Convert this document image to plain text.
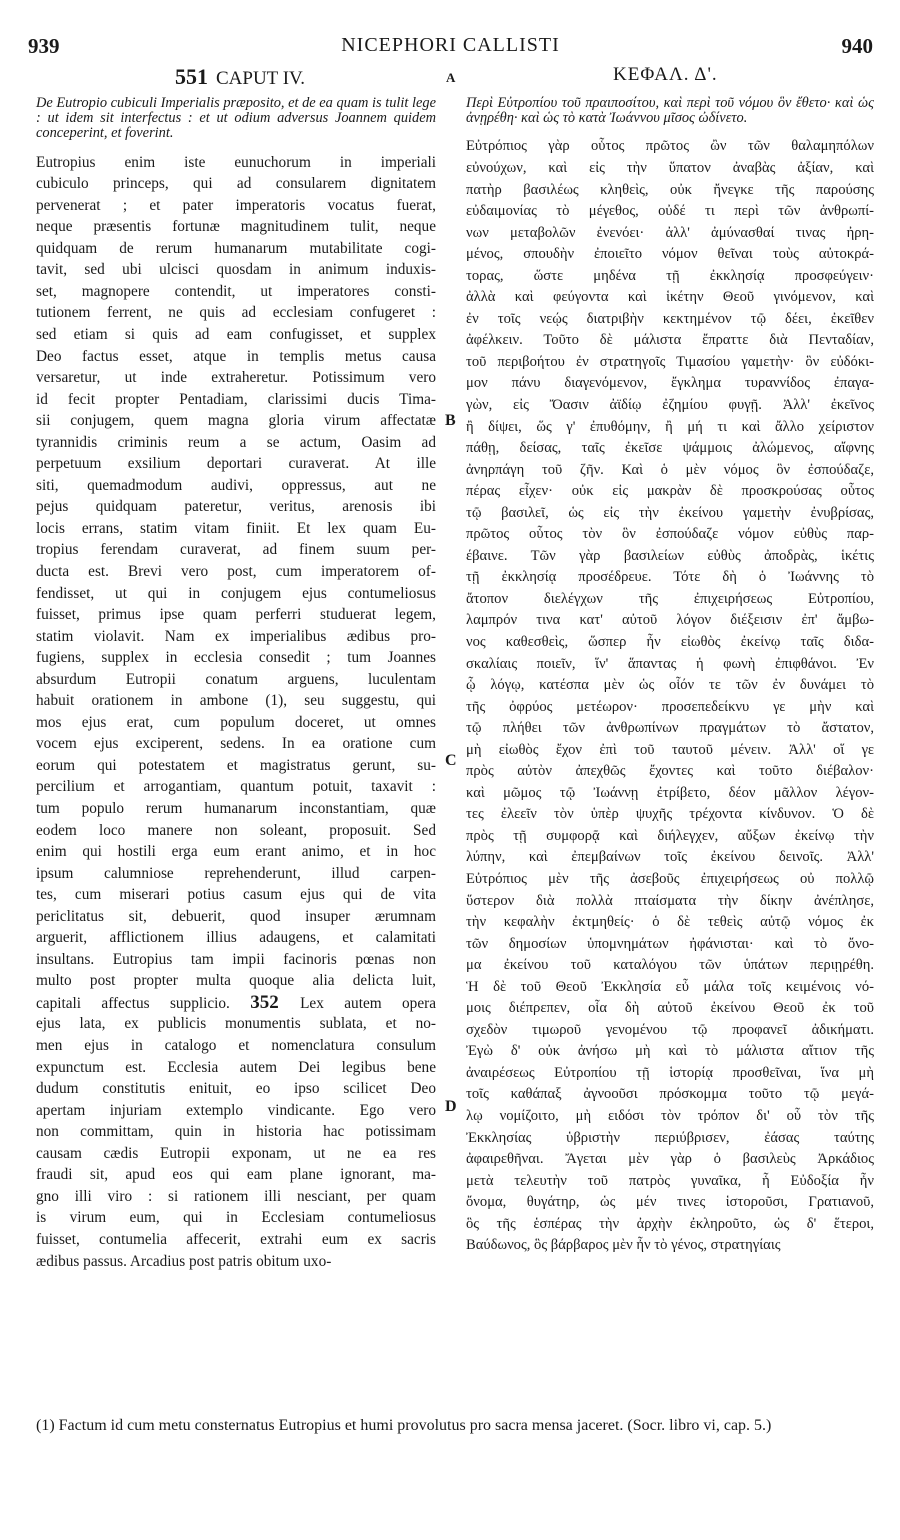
939	NICEPHORI CALLISTI	940
551 CAPUT IV.	A	ΚΕΦΑΛ. Δ'.

De Eutropio cubiculi Imperialis præposito, et de ea quam is tulit lege : ut idem sit interfectus : et ut odium adversus Joannem quidem conceperint, et foverint.

Eutropius enim iste eunuchorum in imperiali
cubiculo princeps, qui ad consularem dignitatem
pervenerat ; et pater imperatoris vocatus fuerat,
neque præsentis fortunæ magnitudinem tulit, neque
quidquam de rerum humanarum mutabilitate cogi-
tavit, sed ubi ulcisci quosdam in animum induxis-
set, magnopere contendit, ut imperatores consti-
tutionem ferrent, ne quis ad ecclesiam confugeret :
sed etiam si quis ad eam confugisset, et supplex
Deo factus esset, atque in templis metus causa
versaretur, ut inde extraheretur. Potissimum vero
id fecit propter Pentadiam, clarissimi ducis Tima-
sii conjugem, quem magna gloria virum affectatæ
tyrannidis criminis reum a se actum, Oasim ad
perpetuum exsilium deportari curaverat. At ille
siti, quemadmodum audivi, oppressus, aut ne
pejus quidquam pateretur, veritus, arenosis ibi
locis errans, statim vitam finiit. Et lex quam Eu-
tropius ferendam curaverat, ad finem suum per-
ducta est. Brevi vero post, cum imperatorem of-
fendisset, ut qui in conjugem ejus contumeliosus
fuisset, primus ipse quam perferri studuerat legem,
statim violavit. Nam ex imperialibus ædibus pro-
fugiens, supplex in ecclesia consedit ; tum Joannes
absurdum Eutropii conatum arguens, luculentam
habuit orationem in ambone (1), seu suggestu, qui
mos ejus erat, cum populum doceret, ut omnes
vocem ejus exciperent, sedens. In ea oratione cum
eorum qui potestatem et magistratus gerunt, su-
percilium et arrogantiam, quantum potuit, taxavit :
tum populo rerum humanarum inconstantiam, quæ
eodem loco manere non soleant, proposuit. Sed
enim qui hostili erga eum erant animo, et in hoc
ipsum calumniose reprehenderunt, illud carpen-
tes, cum miserari potius casum ejus qui de vita
periclitatus sit, debuerit, quod insuper ærumnam
arguerit, afflictionem illius adaugens, et calamitati
insultans. Eutropius tam impii facinoris pœnas non
multo post propter multa quoque alia delicta luit,
capitali affectus supplicio. 352 Lex autem opera
ejus lata, ex publicis monumentis sublata, et no-
men ejus in catalogo et nomenclatura consulum
expunctum est. Ecclesia autem Dei legibus bene
dudum constitutis enituit, eo ipso scilicet Deo
apertam injuriam extemplo vindicante. Ego vero
non committam, quin in historia hac potissimam
causam cædis Eutropii exponam, ut ne ea res
fraudi sit, apud eos qui eam plane ignorant, ma-
gno illi viro : si rationem illi nesciant, per quam
is virum eum, qui in Ecclesiam contumeliosus
fuisset, contumelia affecerit, extrahi eum ex sacris
ædibus passus. Arcadius post patris obitum uxo-

Περὶ Εὐτροπίου τοῦ πραιποσίτου, καὶ περὶ τοῦ νόμου ὃν ἔθετο· καὶ ὡς ἀνῃρέθη· καὶ ὡς τὸ κατὰ Ἰωάννου μῖσος ὠδίνετο.

Εὐτρόπιος γὰρ οὗτος πρῶτος ὢν τῶν θαλαμηπόλων
εὐνούχων, καὶ εἰς τὴν ὕπατον ἀναβὰς ἀξίαν, καὶ
πατὴρ βασιλέως κληθεὶς, οὐκ ἤνεγκε τῆς παρούσης
εὐδαιμονίας τὸ μέγεθος, οὐδέ τι περὶ τῶν ἀνθρωπί-
νων μεταβολῶν ἐνενόει· ἀλλ' ἀμύνασθαί τινας ἠρη-
μένος, σπουδὴν ἐποιεῖτο νόμον θεῖναι τοὺς αὐτοκρά-
τορας, ὥστε μηδένα τῇ ἐκκλησίᾳ προσφεύγειν·
ἀλλὰ καὶ φεύγοντα καὶ ἱκέτην Θεοῦ γινόμενον, καὶ
ἐν τοῖς νεῴς διατριβὴν κεκτημένον τῷ δέει, ἐκεῖθεν
ἀφέλκειν. Τοῦτο δὲ μάλιστα ἔπραττε διὰ Πενταδίαν,
τοῦ περιβοήτου ἐν στρατηγοῖς Τιμασίου γαμετὴν· ὃν εὐδόκι-
μον πάνυ διαγενόμενον, ἔγκλημα τυραννίδος ἐπαγα-
γὼν, εἰς Ὄασιν ἀϊδίῳ ἐζημίου φυγῇ. Ἀλλ' ἐκεῖνος
ἢ δίψει, ὥς γ' ἐπυθόμην, ἢ μή τι καὶ ἄλλο χείριστον
πάθῃ, δείσας, ταῖς ἐκεῖσε ψάμμοις ἀλώμενος, αἴφνης
ἀνηρπάγη τοῦ ζῆν. Καὶ ὁ μὲν νόμος ὃν ἐσπούδαζε,
πέρας εἶχεν· οὐκ εἰς μακρὰν δὲ προσκρούσας οὗτος
τῷ βασιλεῖ, ὡς εἰς τὴν ἐκείνου γαμετὴν ἐνυβρίσας,
πρῶτος οὗτος τὸν ὃν ἐσπούδαζε νόμον εὐθὺς παρ-
έβαινε. Τῶν γὰρ βασιλείων εὐθὺς ἀποδρὰς, ἱκέτις
τῇ ἐκκλησίᾳ προσέδρευε. Τότε δὴ ὁ Ἰωάννης τὸ
ἄτοπον διελέγχων τῆς ἐπιχειρήσεως Εὐτροπίου,
λαμπρόν τινα κατ' αὐτοῦ λόγον διέξεισιν ἐπ' ἄμβω-
νος καθεσθεὶς, ὥσπερ ἦν εἰωθὸς ἐκείνῳ ταῖς διδα-
σκαλίαις ποιεῖν, ἵν' ἅπαντας ἡ φωνὴ ἐπιφθάνοι. Ἐν
ᾧ λόγῳ, κατέσπα μὲν ὡς οἷόν τε τῶν ἐν δυνάμει τὸ
τῆς ὀφρύος μετέωρον· προσεπεδείκνυ γε μὴν καὶ
τῷ πλήθει τῶν ἀνθρωπίνων πραγμάτων τὸ ἄστατον,
μὴ εἰωθὸς ἔχον ἐπὶ τοῦ ταυτοῦ μένειν. Ἀλλ' οἵ γε
πρὸς αὐτὸν ἀπεχθῶς ἔχοντες καὶ τοῦτο διέβαλον·
καὶ μῶμος τῷ Ἰωάννῃ ἐτρίβετο, δέον μᾶλλον λέγον-
τες ἐλεεῖν τὸν ὑπὲρ ψυχῆς τρέχοντα κίνδυνον. Ὁ δὲ
πρὸς τῇ συμφορᾷ καὶ διήλεγχεν, αὔξων ἐκείνῳ τὴν
λύπην, καὶ ἐπεμβαίνων τοῖς ἐκείνου δεινοῖς. Ἀλλ'
Εὐτρόπιος μὲν τῆς ἀσεβοῦς ἐπιχειρήσεως οὐ πολλῷ
ὕστερον διὰ πολλὰ πταίσματα τὴν δίκην ἀνέπλησε,
τὴν κεφαλὴν ἐκτμηθείς· ὁ δὲ τεθεὶς αὐτῷ νόμος ἐκ
τῶν δημοσίων ὑπομνημάτων ἠφάνισται· καὶ τὸ ὄνο-
μα ἐκείνου τοῦ καταλόγου τῶν ὑπάτων περιῃρέθη.
Ἡ δὲ τοῦ Θεοῦ Ἐκκλησία εὖ μάλα τοῖς κειμένοις νό-
μοις διέπρεπεν, οἷα δὴ αὐτοῦ ἐκείνου Θεοῦ ἐκ τοῦ
σχεδὸν τιμωροῦ γενομένου τῷ προφανεῖ ἀδικήματι.
Ἐγὼ δ' οὐκ ἀνήσω μὴ καὶ τὸ μάλιστα αἴτιον τῆς
ἀναιρέσεως Εὐτροπίου τῇ ἱστορίᾳ προσθεῖναι, ἵνα μὴ
τοῖς καθάπαξ ἀγνοοῦσι πρόσκομμα τοῦτο τῷ μεγά-
λῳ νομίζοιτο, μὴ ειδόσι τὸν τρόπον δι' οὗ τὸν τῆς
Ἐκκλησίας ὑβριστὴν περιύβρισεν, ἐάσας ταύτης
ἀφαιρεθῆναι. Ἄγεται μὲν γὰρ ὁ βασιλεὺς Ἀρκάδιος
μετὰ τελευτὴν τοῦ πατρὸς γυναῖκα, ἧ Εὐδοξία ἦν
ὄνομα, θυγάτηρ, ὡς μέν τινες ἱστοροῦσι, Γρατιανοῦ,
ὃς τῆς ἑσπέρας τὴν ἀρχὴν ἐκληροῦτο, ὡς δ' ἕτεροι,
Βαύδωνος, ὃς βάρβαρος μὲν ἦν τὸ γένος, στρατηγίαις
B
C
D
(1) Factum id cum metu consternatus Eutropius et humi provolutus pro sacra mensa jaceret. (Socr. libro vi, cap. 5.)
